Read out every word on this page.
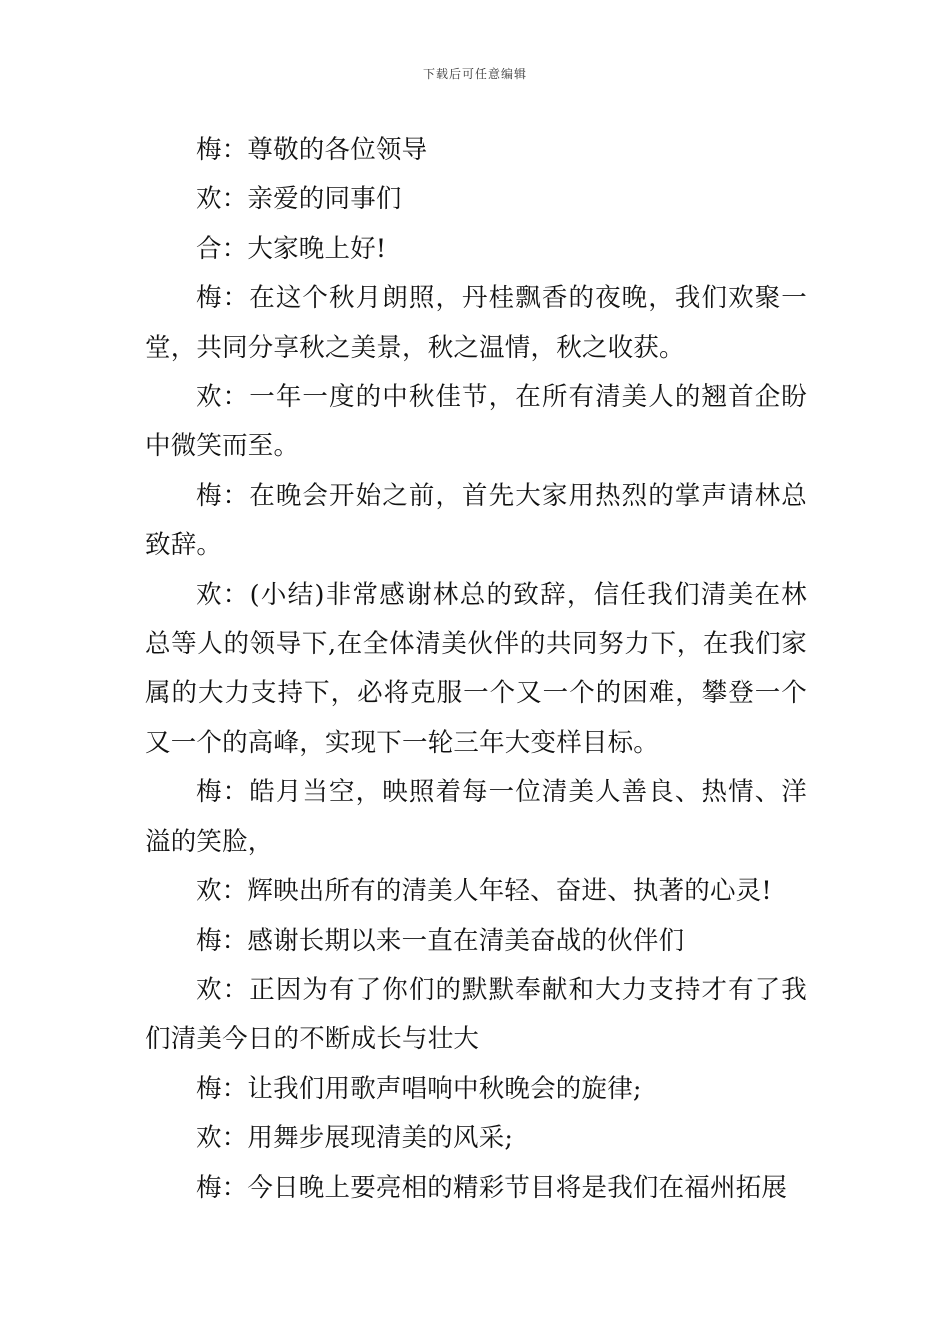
下载后可任意编辑

梅：尊敬的各位领导

欢：亲爱的同事们

合：大家晚上好!

梅：在这个秋月朗照，丹桂飘香的夜晚，我们欢聚一堂，共同分享秋之美景，秋之温情，秋之收获。

欢：一年一度的中秋佳节，在所有清美人的翘首企盼中微笑而至。

梅：在晚会开始之前，首先大家用热烈的掌声请林总致辞。

欢：(小结)非常感谢林总的致辞，信任我们清美在林总等人的领导下,在全体清美伙伴的共同努力下，在我们家属的大力支持下，必将克服一个又一个的困难，攀登一个又一个的高峰，实现下一轮三年大变样目标。

梅：皓月当空，映照着每一位清美人善良、热情、洋溢的笑脸，

欢：辉映出所有的清美人年轻、奋进、执著的心灵!

梅：感谢长期以来一直在清美奋战的伙伴们

欢：正因为有了你们的默默奉献和大力支持才有了我们清美今日的不断成长与壮大

梅：让我们用歌声唱响中秋晚会的旋律;

欢：用舞步展现清美的风采;

梅：今日晚上要亮相的精彩节目将是我们在福州拓展
